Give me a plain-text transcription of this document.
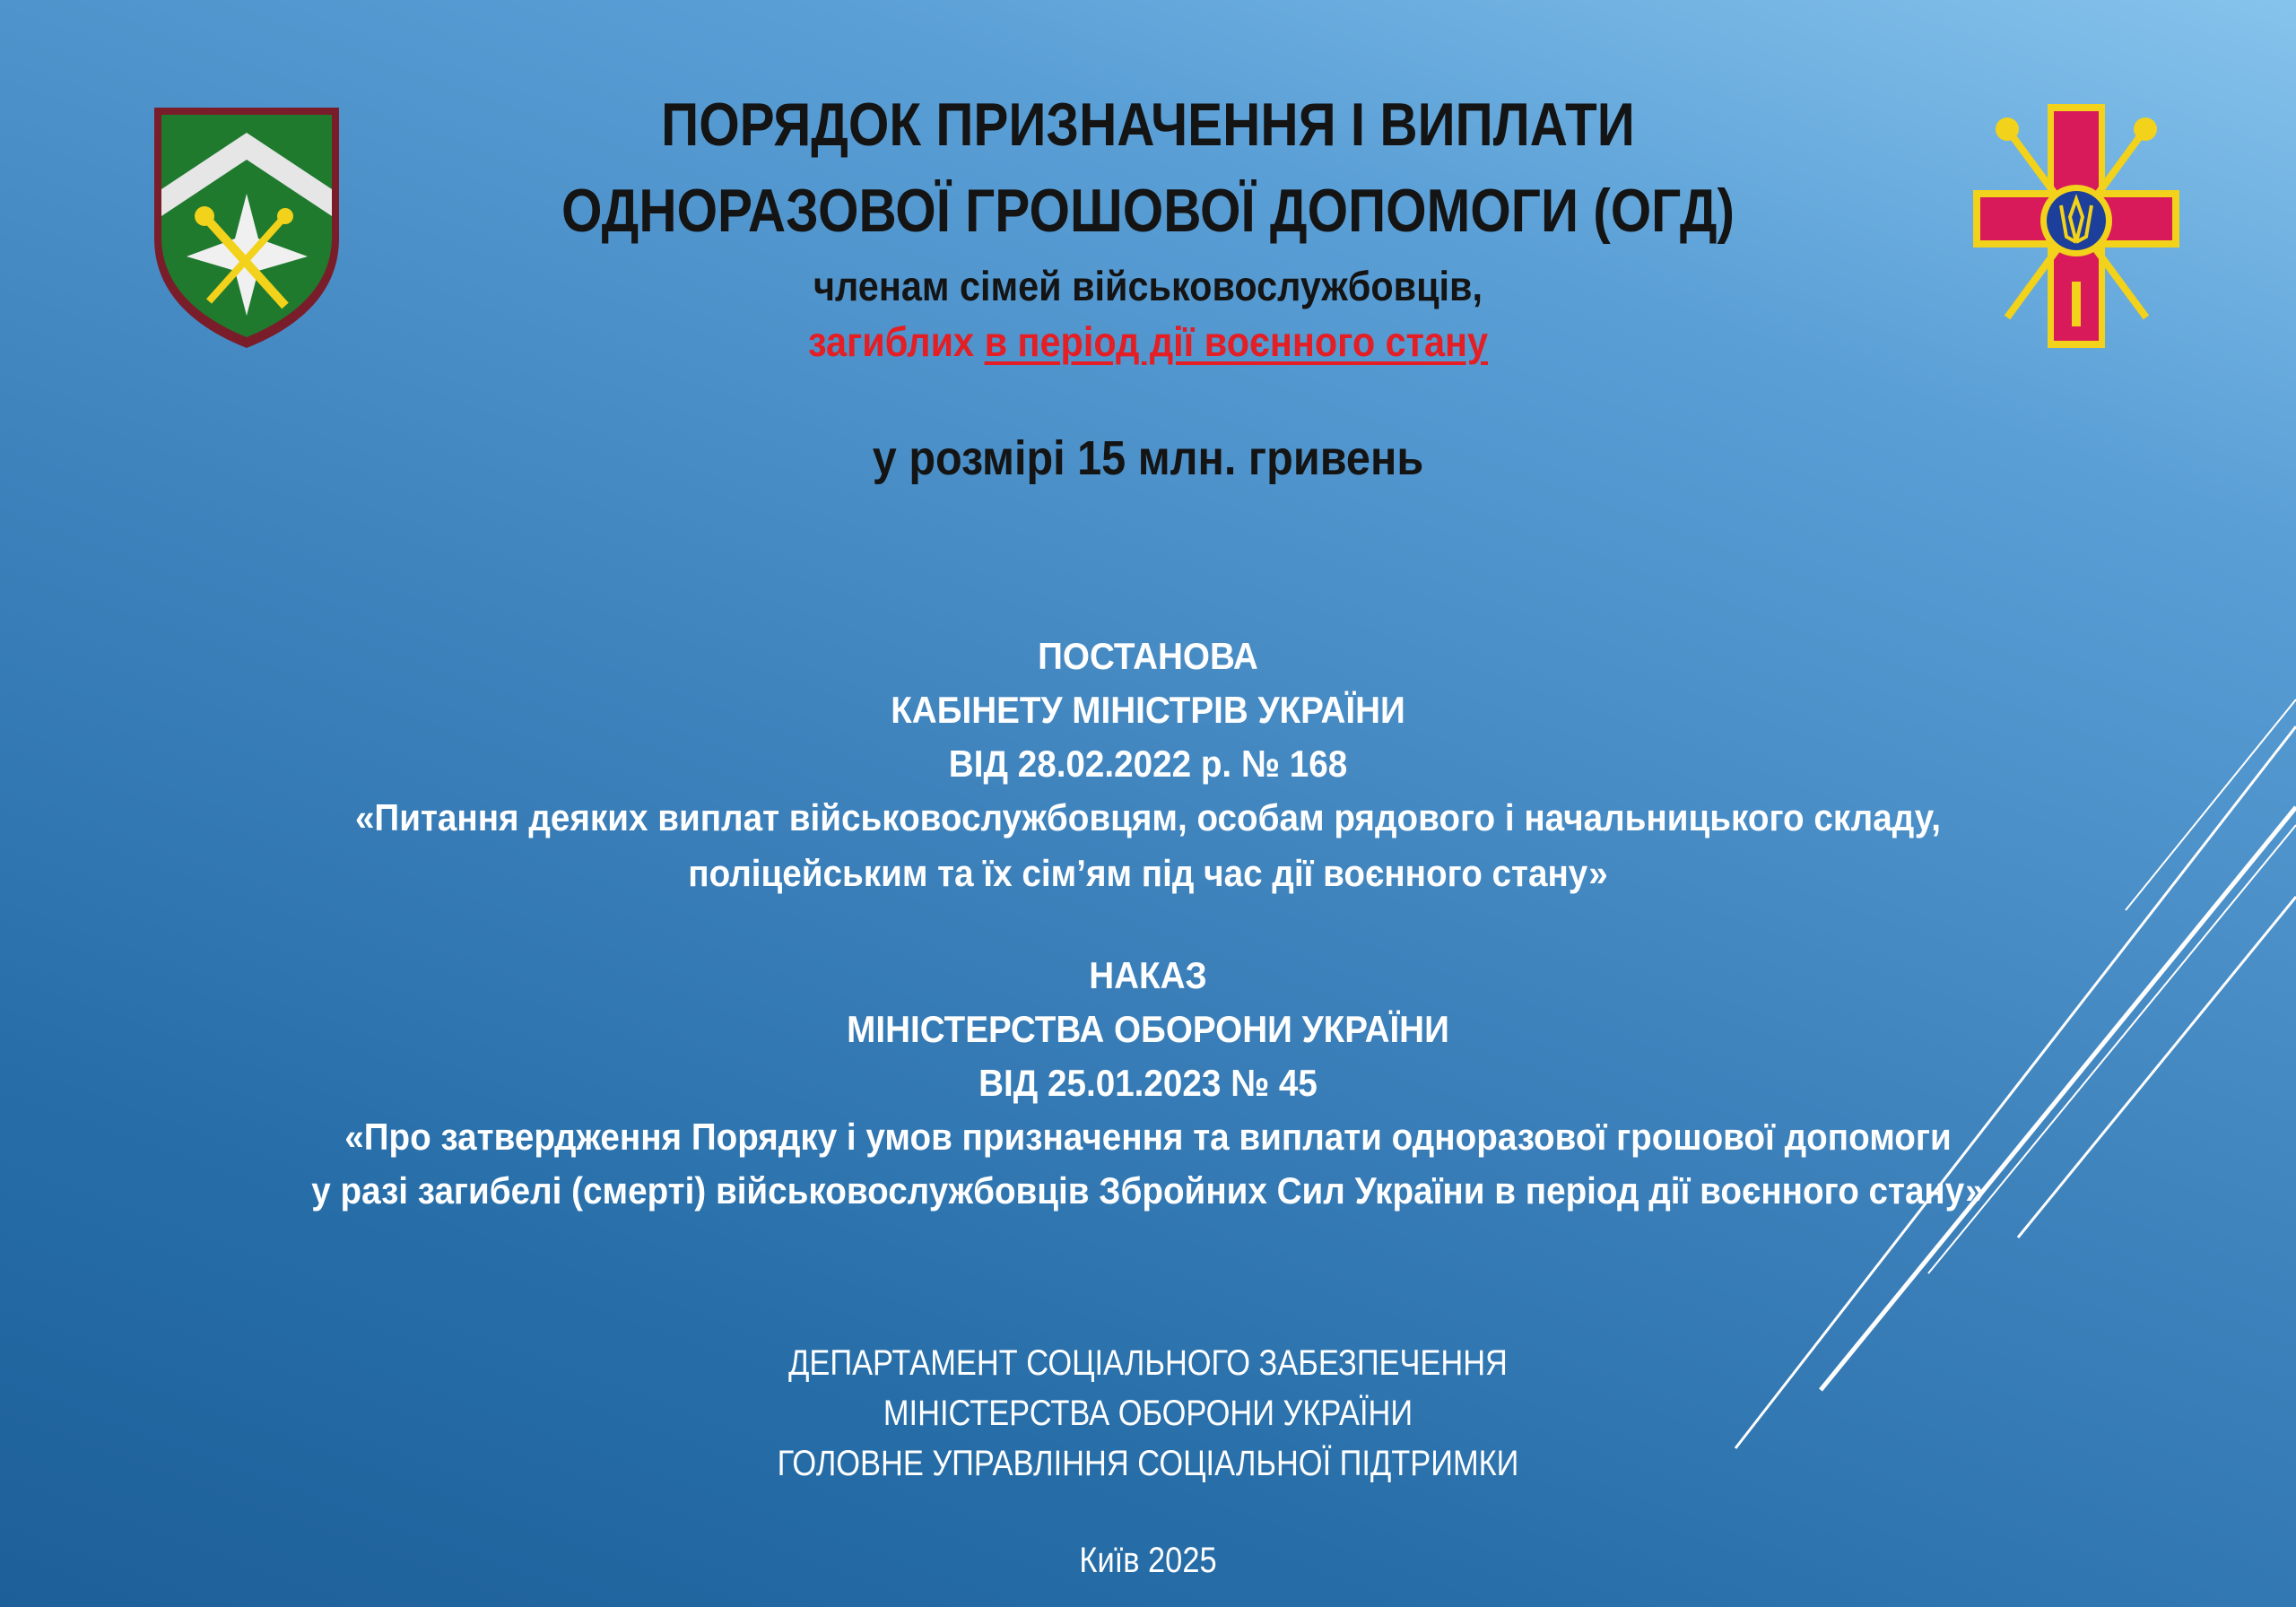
ПОРЯДОК ПРИЗНАЧЕННЯ І ВИПЛАТИ
ОДНОРАЗОВОЇ ГРОШОВОЇ ДОПОМОГИ (ОГД)
членам сімей військовослужбовців,
загиблих в період дії воєнного стану
у розмірі 15 млн. гривень
ПОСТАНОВА
КАБІНЕТУ МІНІСТРІВ УКРАЇНИ
ВІД 28.02.2022 р. № 168
«Питання деяких виплат військовослужбовцям, особам рядового і начальницького складу,
поліцейським та їх сім’ям під час дії воєнного стану»
НАКАЗ
МІНІСТЕРСТВА ОБОРОНИ УКРАЇНИ
ВІД 25.01.2023 № 45
«Про затвердження Порядку і умов призначення та виплати одноразової грошової допомоги
у разі загибелі (смерті) військовослужбовців Збройних Сил України в період дії воєнного стану»
ДЕПАРТАМЕНТ СОЦІАЛЬНОГО ЗАБЕЗПЕЧЕННЯ
МІНІСТЕРСТВА ОБОРОНИ УКРАЇНИ
ГОЛОВНЕ УПРАВЛІННЯ СОЦІАЛЬНОЇ ПІДТРИМКИ
Київ 2025
